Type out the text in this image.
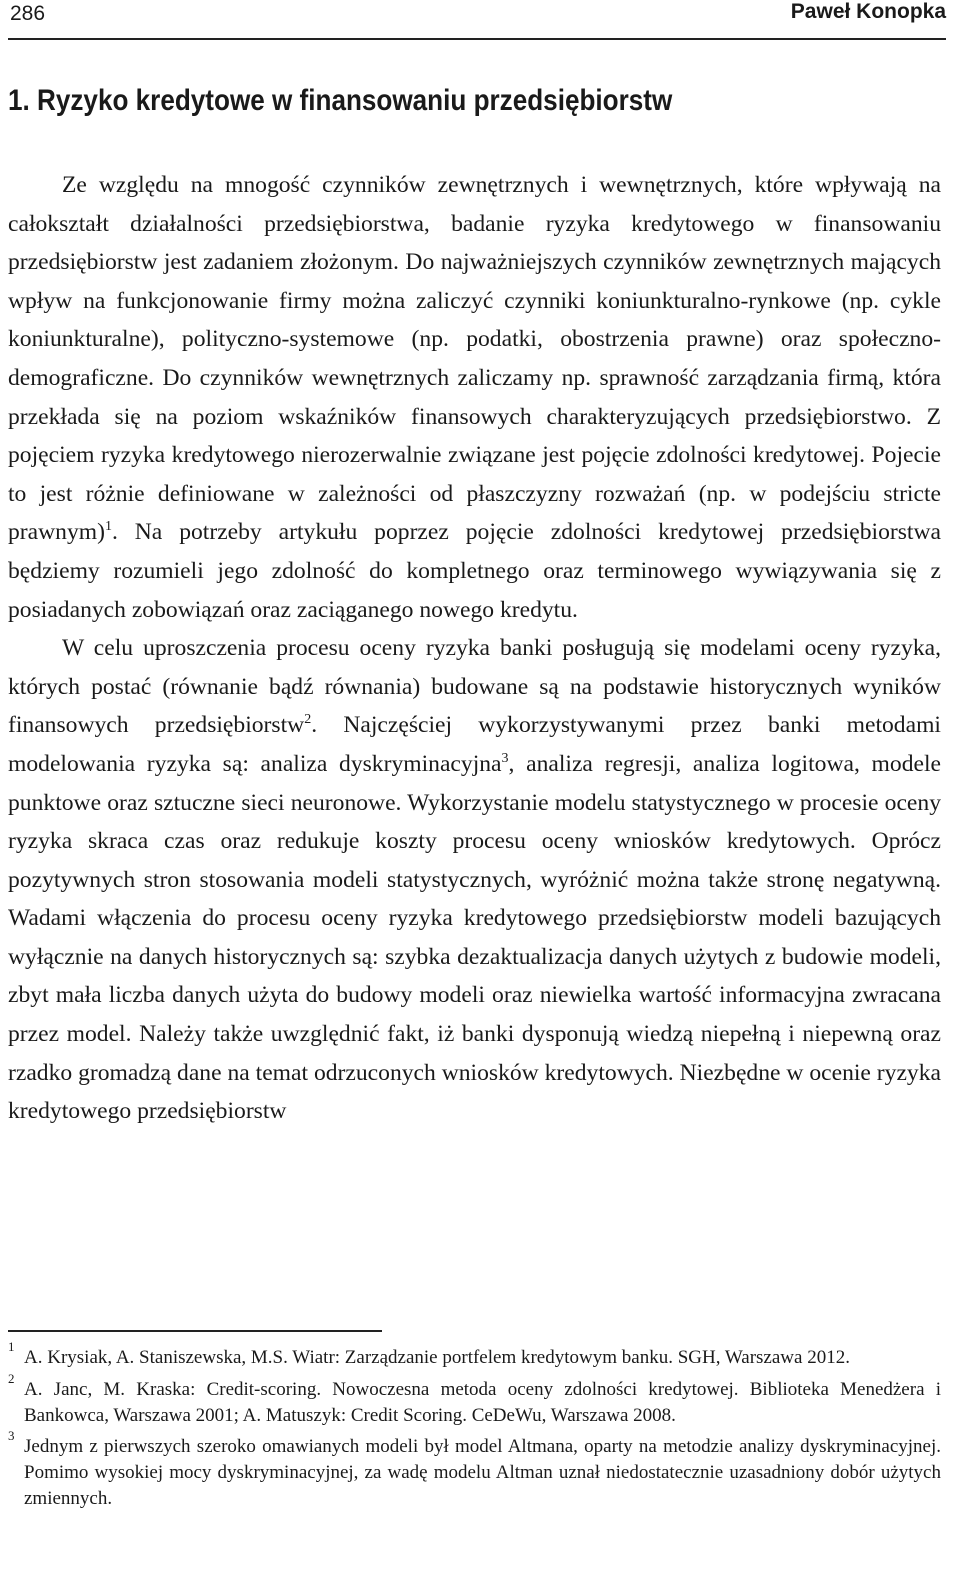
286	Paweł Konopka
1. Ryzyko kredytowe w finansowaniu przedsiębiorstw

Ze względu na mnogość czynników zewnętrznych i wewnętrznych, które wpływają na całokształt działalności przedsiębiorstwa, badanie ryzyka kredytowego w finansowaniu przedsiębiorstw jest zadaniem złożonym. Do najważniejszych czynników zewnętrznych mających wpływ na funkcjonowanie firmy można zaliczyć czynniki koniunkturalno-rynkowe (np. cykle koniunkturalne), polityczno-systemowe (np. podatki, obostrzenia prawne) oraz społeczno-demograficzne. Do czynników wewnętrznych zaliczamy np. sprawność zarządzania firmą, która przekłada się na poziom wskaźników finansowych charakteryzujących przedsiębiorstwo. Z pojęciem ryzyka kredytowego nierozerwalnie związane jest pojęcie zdolności kredytowej. Pojecie to jest różnie definiowane w zależności od płaszczyzny rozważań (np. w podejściu stricte prawnym)$^1$. Na potrzeby artykułu poprzez pojęcie zdolności kredytowej przedsiębiorstwa będziemy rozumieli jego zdolność do kompletnego oraz terminowego wywiązywania się z posiadanych zobowiązań oraz zaciąganego nowego kredytu.

W celu uproszczenia procesu oceny ryzyka banki posługują się modelami oceny ryzyka, których postać (równanie bądź równania) budowane są na podstawie historycznych wyników finansowych przedsiębiorstw$^2$. Najczęściej wykorzystywanymi przez banki metodami modelowania ryzyka są: analiza dyskryminacyjna$^3$, analiza regresji, analiza logitowa, modele punktowe oraz sztuczne sieci neuronowe. Wykorzystanie modelu statystycznego w procesie oceny ryzyka skraca czas oraz redukuje koszty procesu oceny wniosków kredytowych. Oprócz pozytywnych stron stosowania modeli statystycznych, wyróżnić można także stronę negatywną. Wadami włączenia do procesu oceny ryzyka kredytowego przedsiębiorstw modeli bazujących wyłącznie na danych historycznych są: szybka dezaktualizacja danych użytych z budowie modeli, zbyt mała liczba danych użyta do budowy modeli oraz niewielka wartość informacyjna zwracana przez model. Należy także uwzględnić fakt, iż banki dysponują wiedzą niepełną i niepewną oraz rzadko gromadzą dane na temat odrzuconych wniosków kredytowych. Niezbędne w ocenie ryzyka kredytowego przedsiębiorstw

1
A. Krysiak, A. Staniszewska, M.S. Wiatr: Zarządzanie portfelem kredytowym banku. SGH, Warszawa 2012.

2
A. Janc, M. Kraska: Credit-scoring. Nowoczesna metoda oceny zdolności kredytowej. Biblioteka Menedżera i Bankowca, Warszawa 2001; A. Matuszyk: Credit Scoring. CeDeWu, Warszawa 2008.

3
Jednym z pierwszych szeroko omawianych modeli był model Altmana, oparty na metodzie analizy dyskryminacyjnej. Pomimo wysokiej mocy dyskryminacyjnej, za wadę modelu Altman uznał niedostatecznie uzasadniony dobór użytych zmiennych.
